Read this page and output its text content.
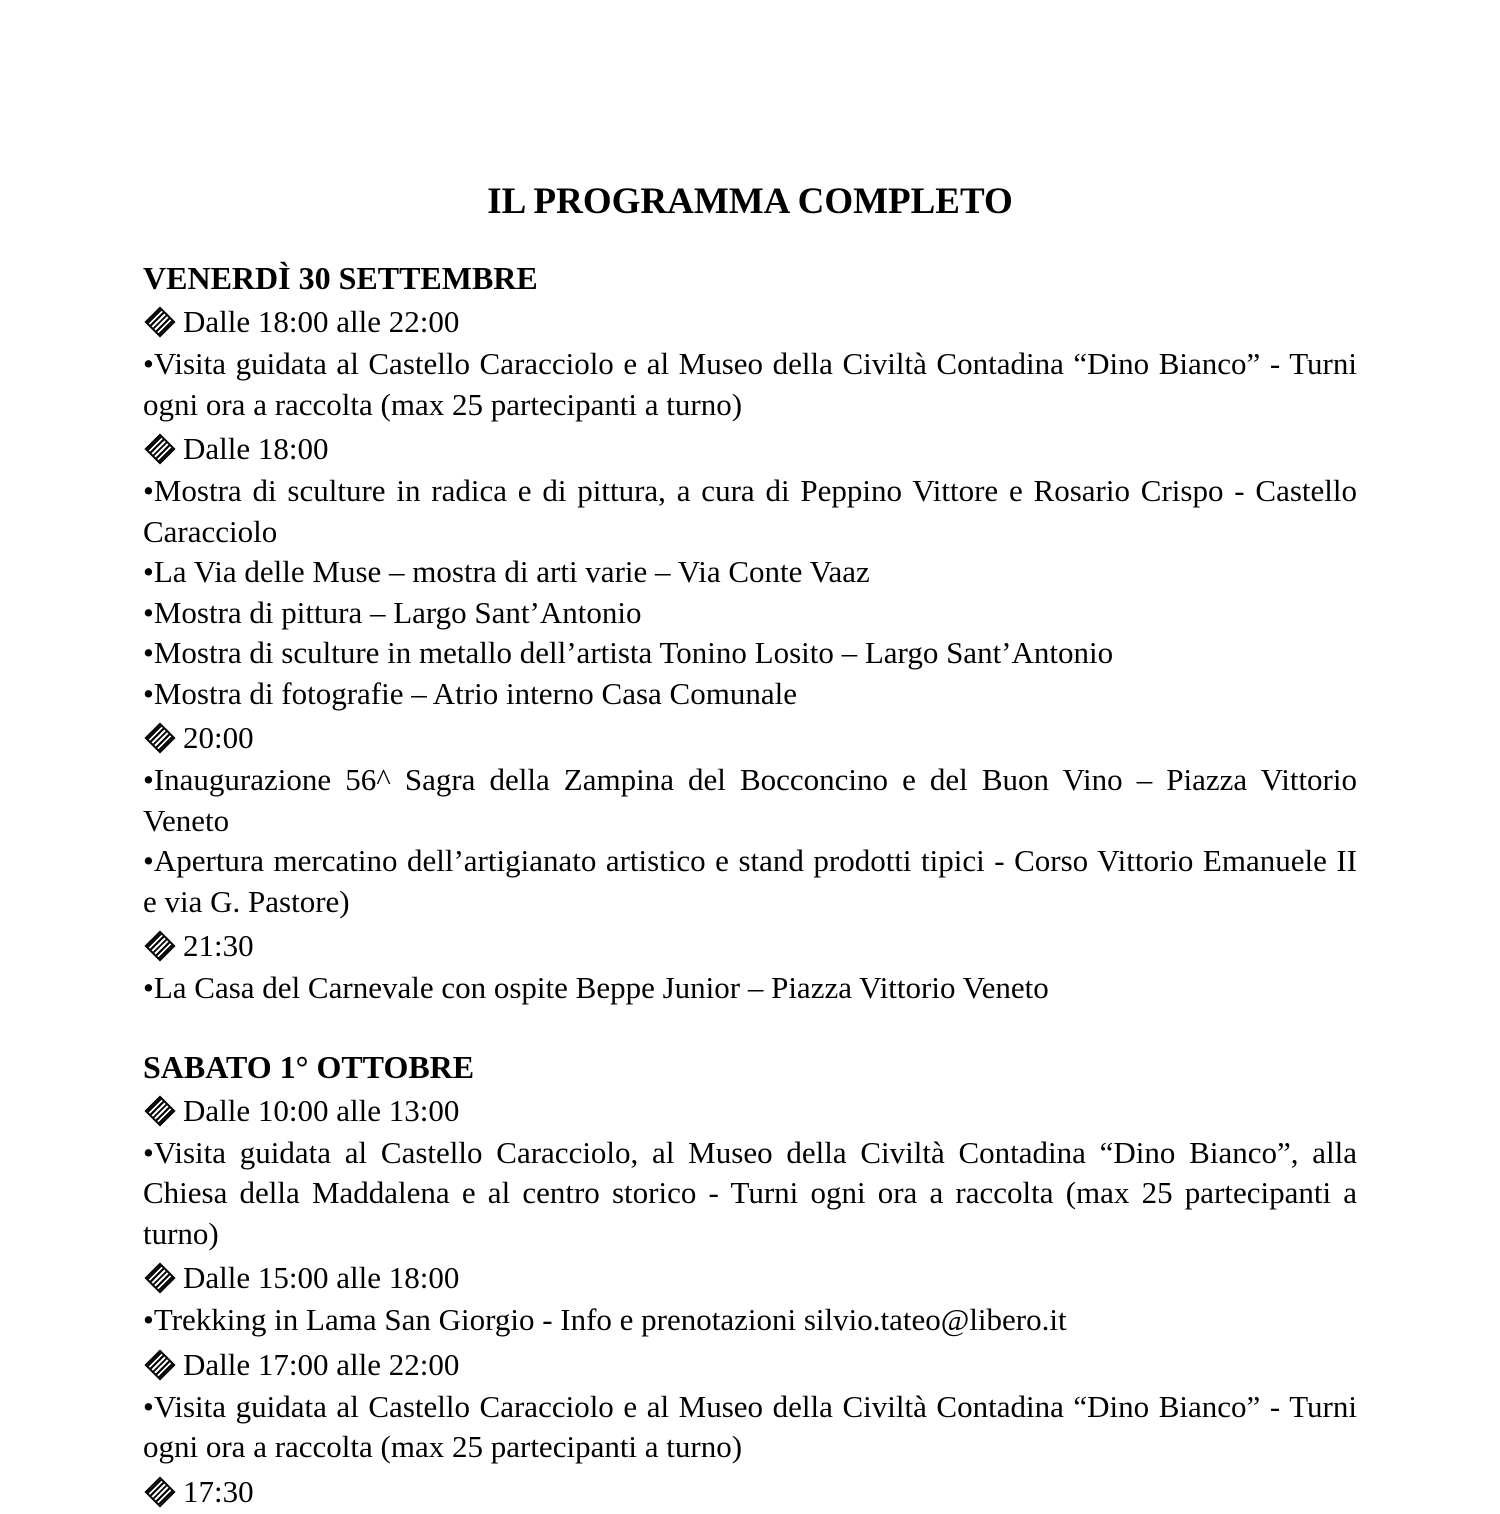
IL PROGRAMMA COMPLETO
VENERDÌ 30 SETTEMBRE
Dalle 18:00 alle 22:00

•Visita guidata al Castello Caracciolo e al Museo della Civiltà Contadina “Dino Bianco” - Turni ogni ora a raccolta (max 25 partecipanti a turno)

Dalle 18:00

•Mostra di sculture in radica e di pittura, a cura di Peppino Vittore e Rosario Crispo - Castello Caracciolo

•La Via delle Muse – mostra di arti varie – Via Conte Vaaz

•Mostra di pittura – Largo Sant’Antonio

•Mostra di sculture in metallo dell’artista Tonino Losito – Largo Sant’Antonio

•Mostra di fotografie – Atrio interno Casa Comunale

20:00

•Inaugurazione 56^ Sagra della Zampina del Bocconcino e del Buon Vino – Piazza Vittorio Veneto

•Apertura mercatino dell’artigianato artistico e stand prodotti tipici - Corso Vittorio Emanuele II e via G. Pastore)

21:30

•La Casa del Carnevale con ospite Beppe Junior – Piazza Vittorio Veneto

SABATO 1° OTTOBRE
Dalle 10:00 alle 13:00

•Visita guidata al Castello Caracciolo, al Museo della Civiltà Contadina “Dino Bianco”, alla Chiesa della Maddalena e al centro storico - Turni ogni ora a raccolta (max 25 partecipanti a turno)

Dalle 15:00 alle 18:00

•Trekking in Lama San Giorgio - Info e prenotazioni silvio.tateo@libero.it

Dalle 17:00 alle 22:00

•Visita guidata al Castello Caracciolo e al Museo della Civiltà Contadina “Dino Bianco” - Turni ogni ora a raccolta (max 25 partecipanti a turno)

17:30
